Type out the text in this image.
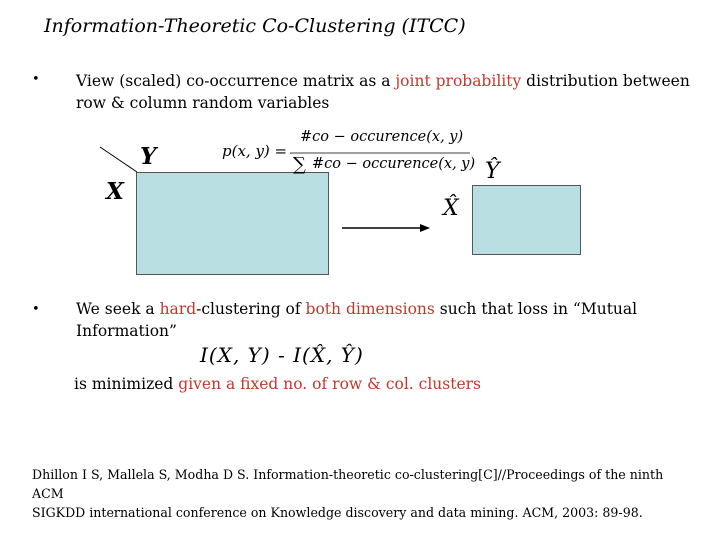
Information-Theoretic Co-Clustering (ITCC)
• View (scaled) co-occurrence matrix as a joint probability distribution between
row & column random variables
Y
X
Ŷ
X̂
p(x, y) =
#co − occurence(x, y)
∑ #co − occurence(x, y)
• We seek a hard-clustering of both dimensions such that loss in “Mutual
Information”
I(X, Y) - I(X̂, Ŷ)
is minimized given a fixed no. of row & col. clusters
Dhillon I S, Mallela S, Modha D S. Information-theoretic co-clustering[C]//Proceedings of the ninth ACM
SIGKDD international conference on Knowledge discovery and data mining. ACM, 2003: 89-98.
